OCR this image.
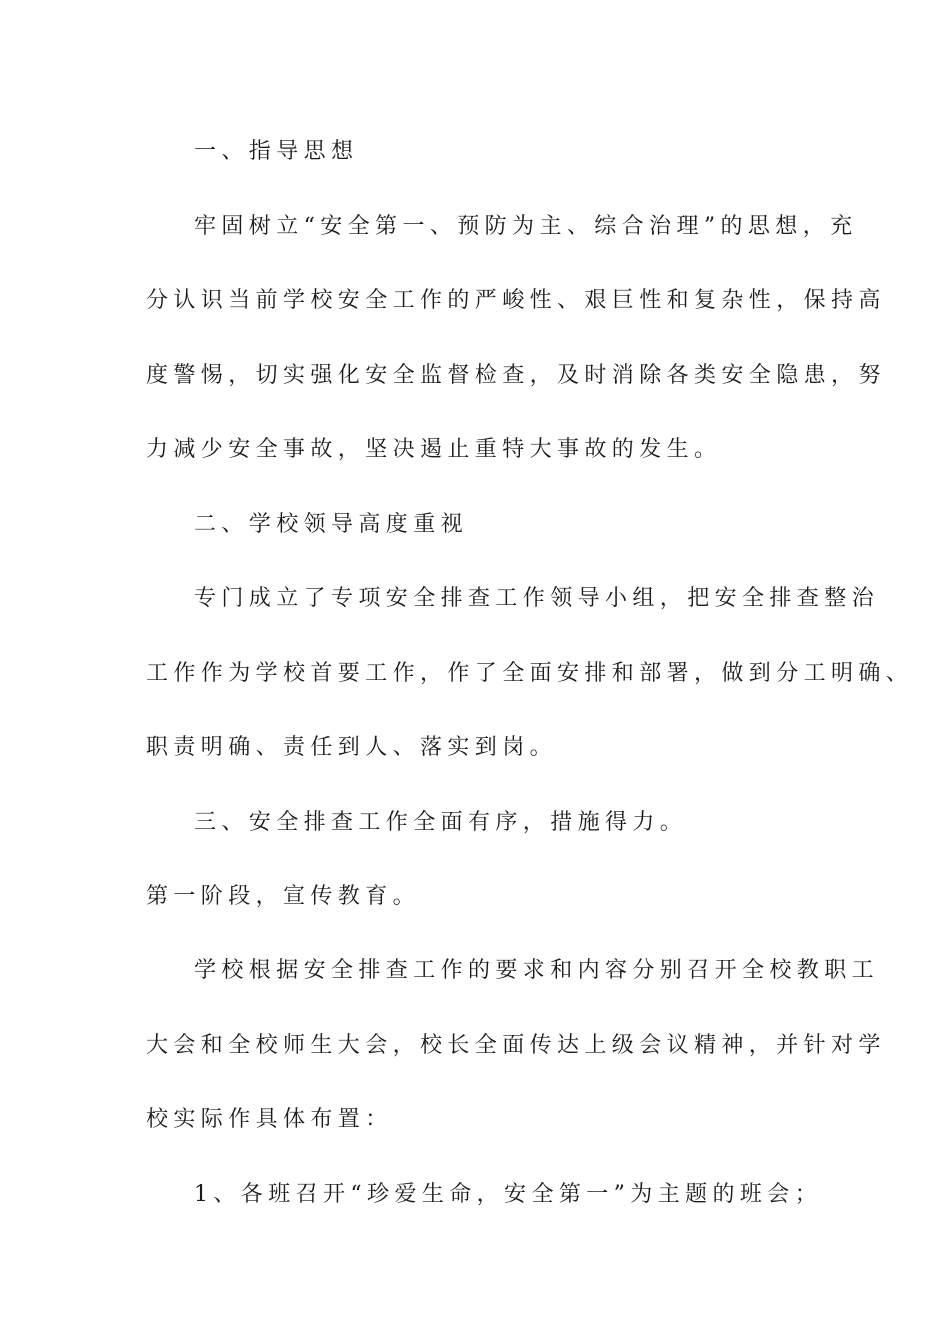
一、指导思想
牢固树立“安全第一、预防为主、综合治理”的思想，充
分认识当前学校安全工作的严峻性、艰巨性和复杂性，保持高
度警惕，切实强化安全监督检查，及时消除各类安全隐患，努
力减少安全事故，坚决遏止重特大事故的发生。
二、学校领导高度重视
专门成立了专项安全排查工作领导小组，把安全排查整治
工作作为学校首要工作，作了全面安排和部署，做到分工明确、
职责明确、责任到人、落实到岗。
三、安全排查工作全面有序，措施得力。
第一阶段，宣传教育。
学校根据安全排查工作的要求和内容分别召开全校教职工
大会和全校师生大会，校长全面传达上级会议精神，并针对学
校实际作具体布置：
1、各班召开“珍爱生命，安全第一”为主题的班会；
